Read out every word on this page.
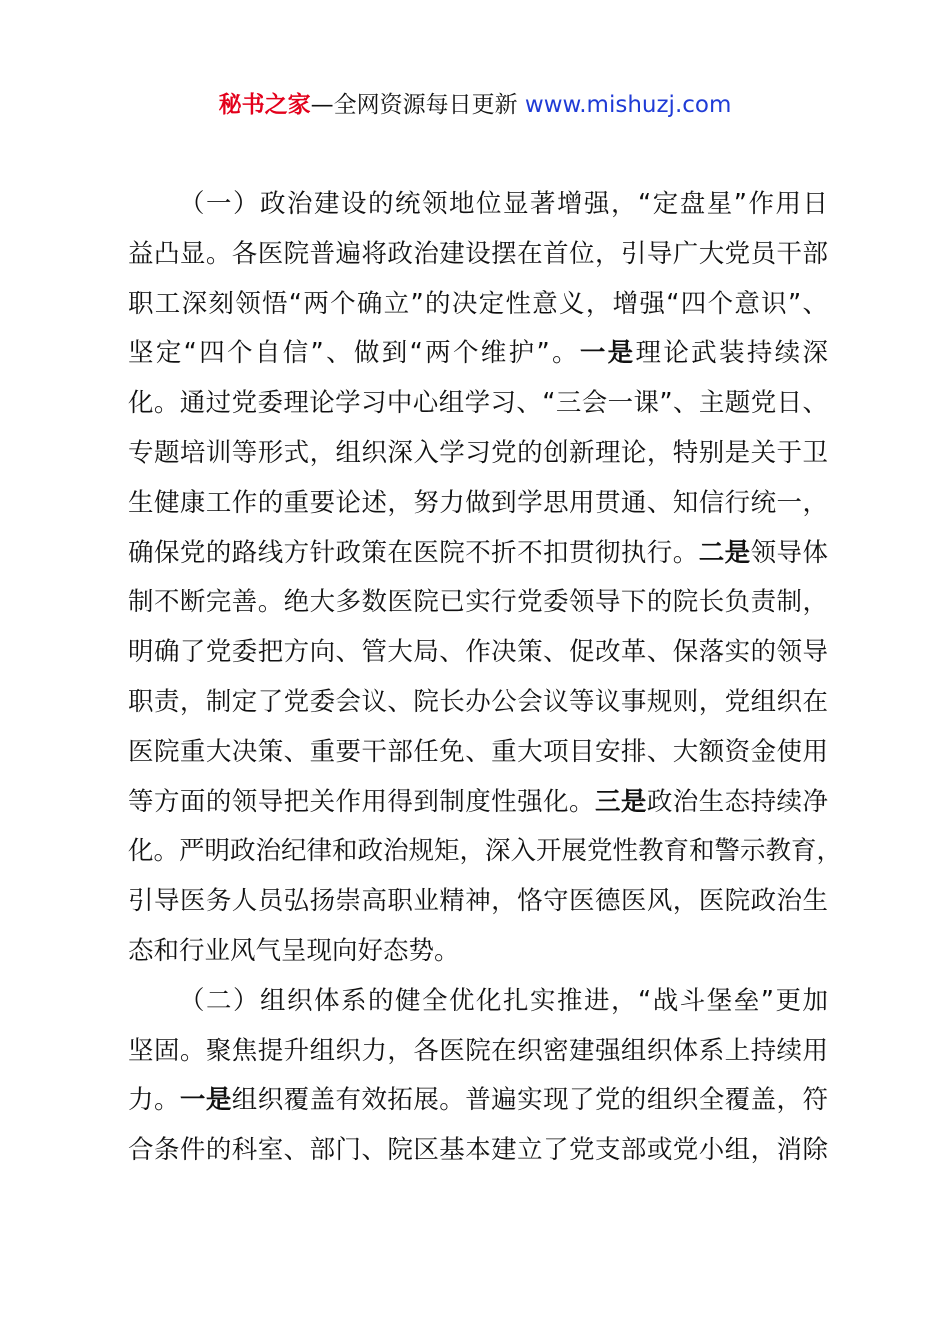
秘书之家—全网资源每日更新 www.mishuzj.com
（一）政治建设的统领地位显著增强，“定盘星”作用日
益凸显。各医院普遍将政治建设摆在首位，引导广大党员干部
职工深刻领悟“两个确立”的决定性意义，增强“四个意识”、
坚定“四个自信”、做到“两个维护”。一是理论武装持续深
化。通过党委理论学习中心组学习、“三会一课”、主题党日、
专题培训等形式，组织深入学习党的创新理论，特别是关于卫
生健康工作的重要论述，努力做到学思用贯通、知信行统一，
确保党的路线方针政策在医院不折不扣贯彻执行。二是领导体
制不断完善。绝大多数医院已实行党委领导下的院长负责制，
明确了党委把方向、管大局、作决策、促改革、保落实的领导
职责，制定了党委会议、院长办公会议等议事规则，党组织在
医院重大决策、重要干部任免、重大项目安排、大额资金使用
等方面的领导把关作用得到制度性强化。三是政治生态持续净
化。严明政治纪律和政治规矩，深入开展党性教育和警示教育，
引导医务人员弘扬崇高职业精神，恪守医德医风，医院政治生
态和行业风气呈现向好态势。
（二）组织体系的健全优化扎实推进，“战斗堡垒”更加
坚固。聚焦提升组织力，各医院在织密建强组织体系上持续用
力。一是组织覆盖有效拓展。普遍实现了党的组织全覆盖，符
合条件的科室、部门、院区基本建立了党支部或党小组，消除
